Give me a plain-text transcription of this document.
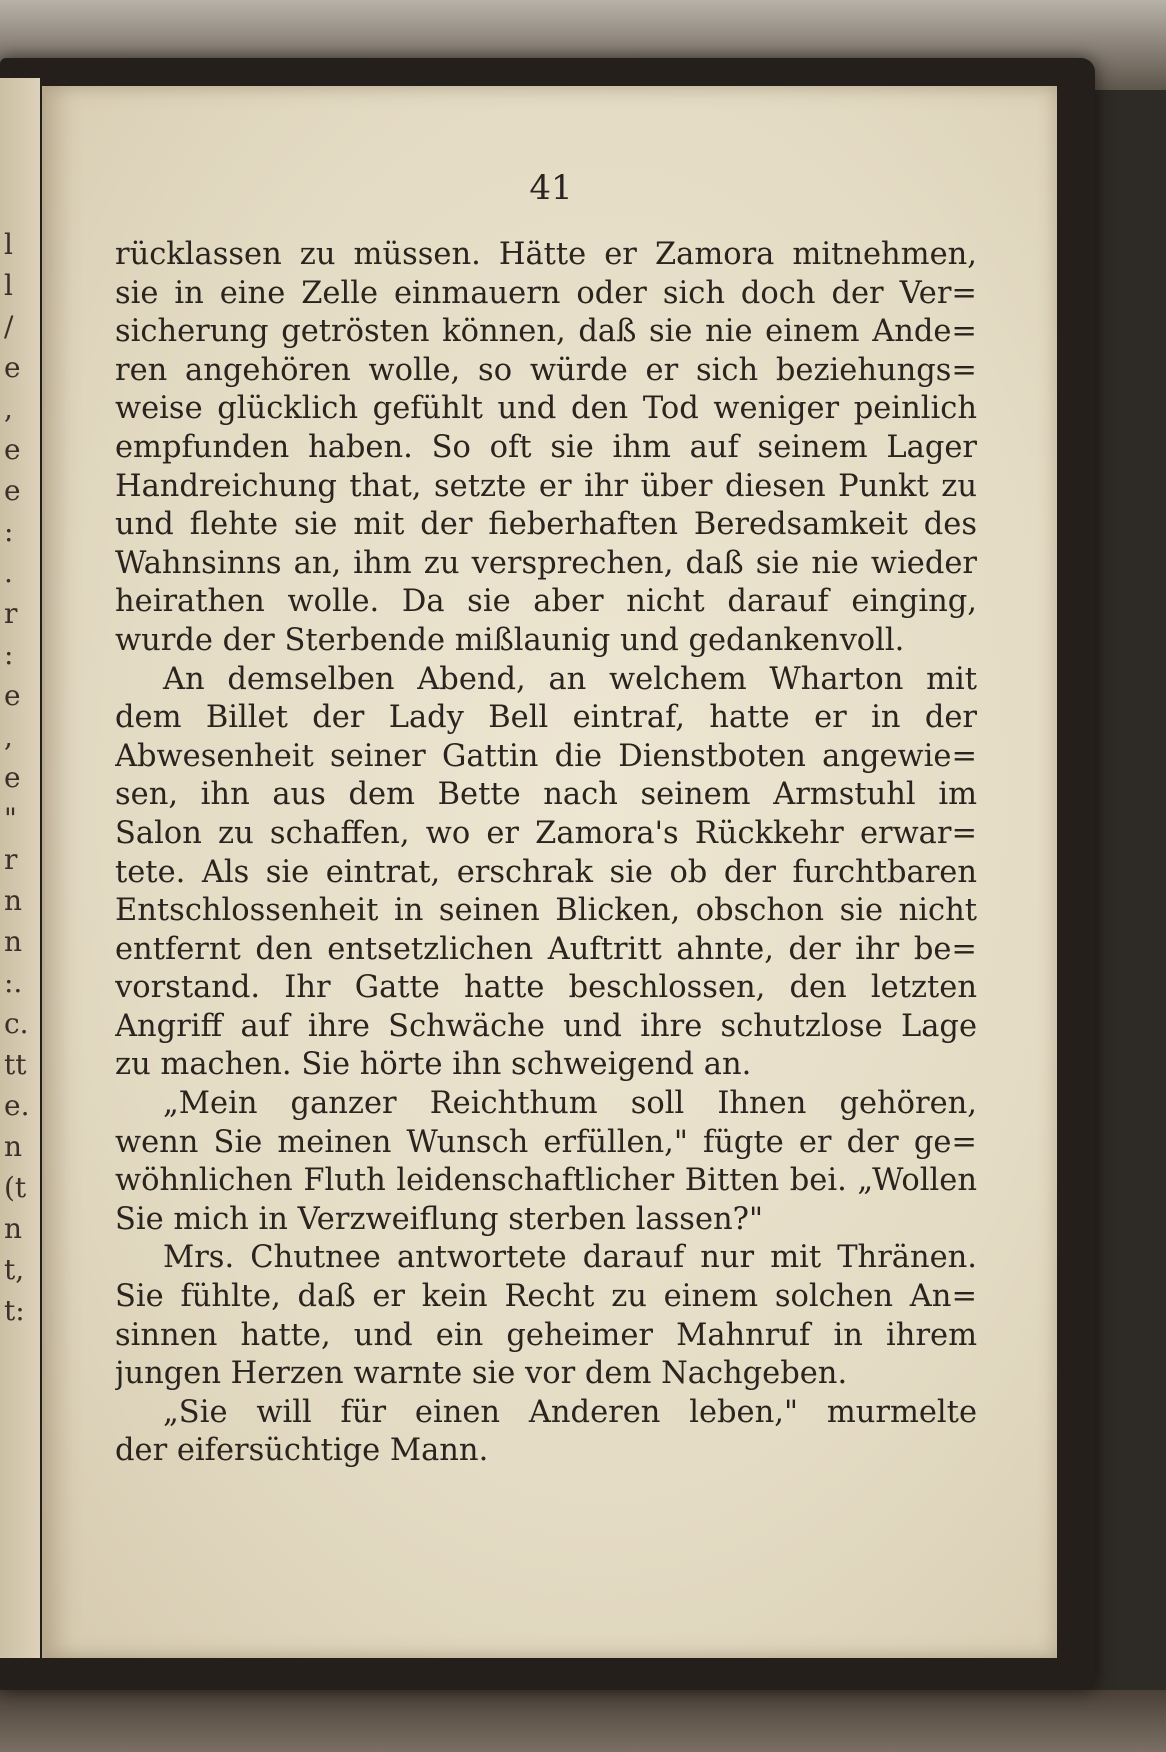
l
l
/
e
,
e
e
:
.
r
:
e
,
e
"
r
n
n
:.
c.
tt
e.
n
(t
n
t,
t:
41
rücklassen zu müssen. Hätte er Zamora mitnehmen,
sie in eine Zelle einmauern oder sich doch der Ver=
sicherung getrösten können, daß sie nie einem Ande=
ren angehören wolle, so würde er sich beziehungs=
weise glücklich gefühlt und den Tod weniger peinlich
empfunden haben. So oft sie ihm auf seinem Lager
Handreichung that, setzte er ihr über diesen Punkt zu
und flehte sie mit der fieberhaften Beredsamkeit des
Wahnsinns an, ihm zu versprechen, daß sie nie wieder
heirathen wolle. Da sie aber nicht darauf einging,
wurde der Sterbende mißlaunig und gedankenvoll.
An demselben Abend, an welchem Wharton mit
dem Billet der Lady Bell eintraf, hatte er in der
Abwesenheit seiner Gattin die Dienstboten angewie=
sen, ihn aus dem Bette nach seinem Armstuhl im
Salon zu schaffen, wo er Zamora's Rückkehr erwar=
tete. Als sie eintrat, erschrak sie ob der furchtbaren
Entschlossenheit in seinen Blicken, obschon sie nicht
entfernt den entsetzlichen Auftritt ahnte, der ihr be=
vorstand. Ihr Gatte hatte beschlossen, den letzten
Angriff auf ihre Schwäche und ihre schutzlose Lage
zu machen. Sie hörte ihn schweigend an.
„Mein ganzer Reichthum soll Ihnen gehören,
wenn Sie meinen Wunsch erfüllen," fügte er der ge=
wöhnlichen Fluth leidenschaftlicher Bitten bei. „Wollen
Sie mich in Verzweiflung sterben lassen?"
Mrs. Chutnee antwortete darauf nur mit Thränen.
Sie fühlte, daß er kein Recht zu einem solchen An=
sinnen hatte, und ein geheimer Mahnruf in ihrem
jungen Herzen warnte sie vor dem Nachgeben.
„Sie will für einen Anderen leben," murmelte
der eifersüchtige Mann.
